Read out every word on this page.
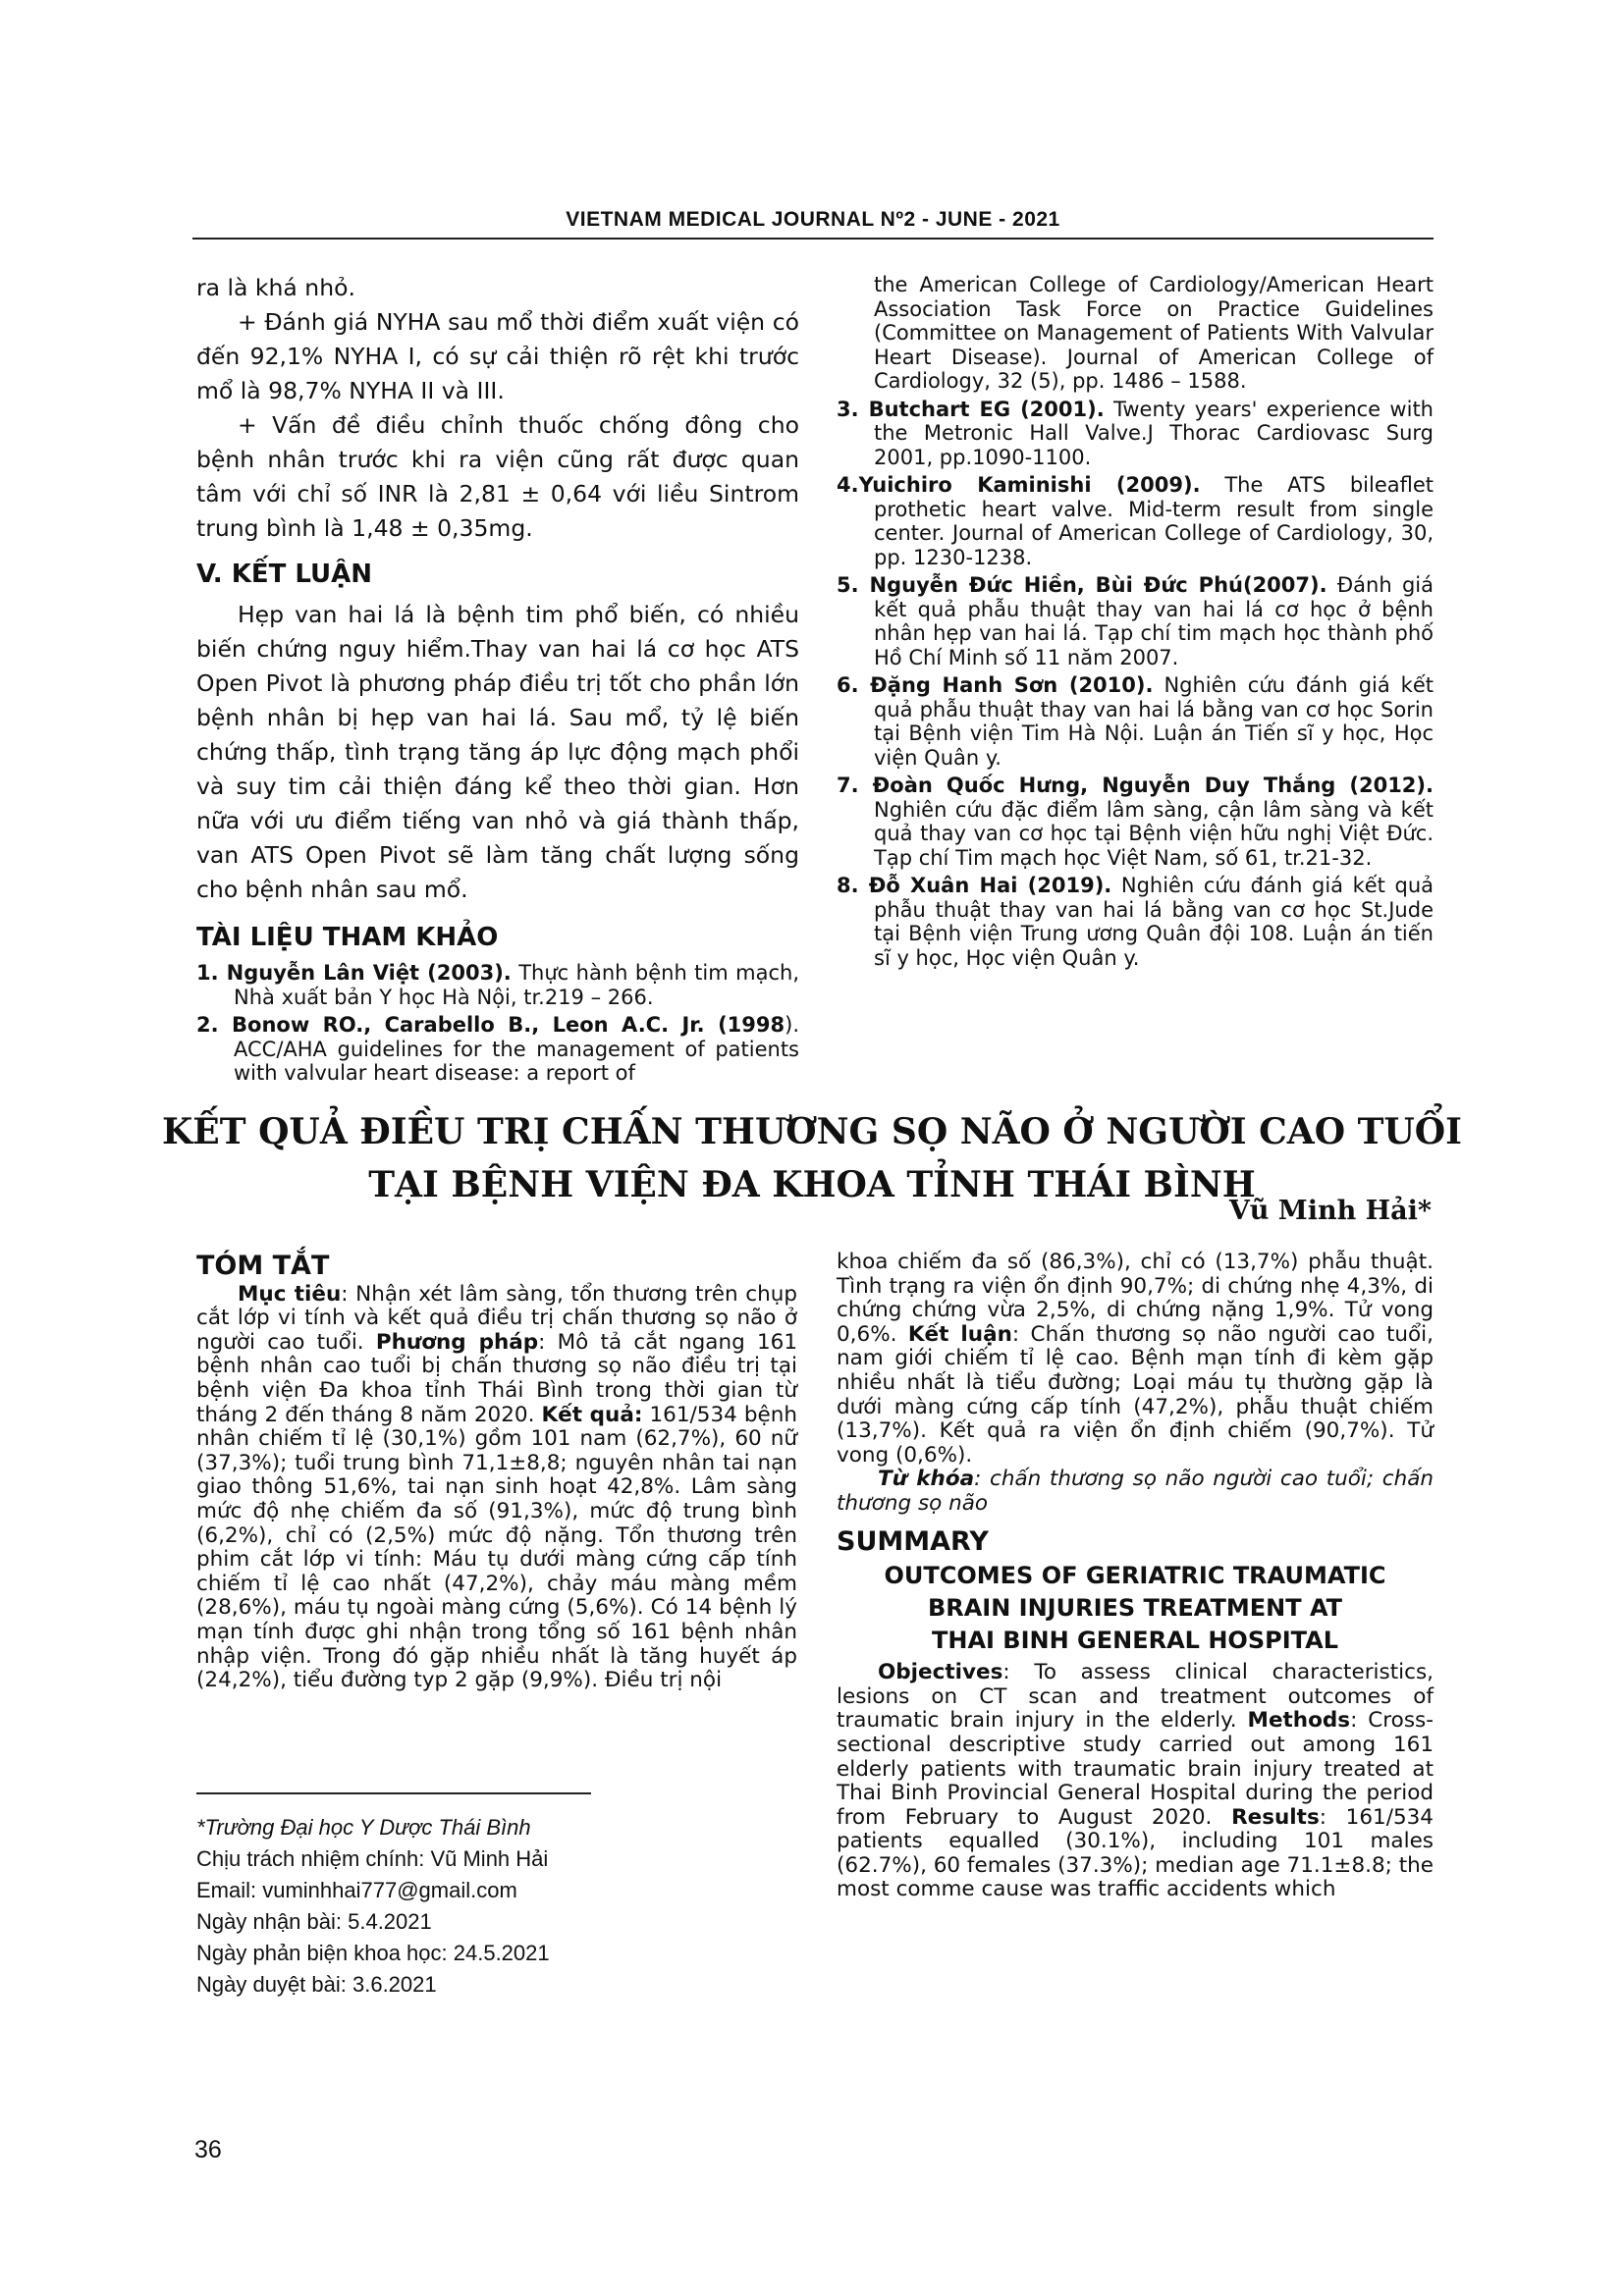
VIETNAM MEDICAL JOURNAL Nº2 - JUNE - 2021

ra là khá nhỏ.

+ Đánh giá NYHA sau mổ thời điểm xuất viện có đến 92,1% NYHA I, có sự cải thiện rõ rệt khi trước mổ là 98,7% NYHA II và III.

+ Vấn đề điều chỉnh thuốc chống đông cho bệnh nhân trước khi ra viện cũng rất được quan tâm với chỉ số INR là 2,81 ± 0,64 với liều Sintrom trung bình là 1,48 ± 0,35mg.

V. KẾT LUẬN

Hẹp van hai lá là bệnh tim phổ biến, có nhiều biến chứng nguy hiểm.Thay van hai lá cơ học ATS Open Pivot là phương pháp điều trị tốt cho phần lớn bệnh nhân bị hẹp van hai lá. Sau mổ, tỷ lệ biến chứng thấp, tình trạng tăng áp lực động mạch phổi và suy tim cải thiện đáng kể theo thời gian. Hơn nữa với ưu điểm tiếng van nhỏ và giá thành thấp, van ATS Open Pivot sẽ làm tăng chất lượng sống cho bệnh nhân sau mổ.

TÀI LIỆU THAM KHẢO
1. Nguyễn Lân Việt (2003). Thực hành bệnh tim mạch, Nhà xuất bản Y học Hà Nội, tr.219 – 266.
2. Bonow RO., Carabello B., Leon A.C. Jr. (1998). ACC/AHA guidelines for the management of patients with valvular heart disease: a report of
the American College of Cardiology/American Heart Association Task Force on Practice Guidelines (Committee on Management of Patients With Valvular Heart Disease). Journal of American College of Cardiology, 32 (5), pp. 1486 – 1588.
3. Butchart EG (2001). Twenty years' experience with the Metronic Hall Valve.J Thorac Cardiovasc Surg 2001, pp.1090-1100.
4.Yuichiro Kaminishi (2009). The ATS bileaflet prothetic heart valve. Mid-term result from single center. Journal of American College of Cardiology, 30, pp. 1230-1238.
5. Nguyễn Đức Hiền, Bùi Đức Phú(2007). Đánh giá kết quả phẫu thuật thay van hai lá cơ học ở bệnh nhân hẹp van hai lá. Tạp chí tim mạch học thành phố Hồ Chí Minh số 11 năm 2007.
6. Đặng Hanh Sơn (2010). Nghiên cứu đánh giá kết quả phẫu thuật thay van hai lá bằng van cơ học Sorin tại Bệnh viện Tim Hà Nội. Luận án Tiến sĩ y học, Học viện Quân y.
7. Đoàn Quốc Hưng, Nguyễn Duy Thắng (2012). Nghiên cứu đặc điểm lâm sàng, cận lâm sàng và kết quả thay van cơ học tại Bệnh viện hữu nghị Việt Đức. Tạp chí Tim mạch học Việt Nam, số 61, tr.21-32.
8. Đỗ Xuân Hai (2019). Nghiên cứu đánh giá kết quả phẫu thuật thay van hai lá bằng van cơ học St.Jude tại Bệnh viện Trung ương Quân đội 108. Luận án tiến sĩ y học, Học viện Quân y.
KẾT QUẢ ĐIỀU TRỊ CHẤN THƯƠNG SỌ NÃO Ở NGƯỜI CAO TUỔI
TẠI BỆNH VIỆN ĐA KHOA TỈNH THÁI BÌNH
Vũ Minh Hải*
TÓM TẮT

Mục tiêu: Nhận xét lâm sàng, tổn thương trên chụp cắt lớp vi tính và kết quả điều trị chấn thương sọ não ở người cao tuổi. Phương pháp: Mô tả cắt ngang 161 bệnh nhân cao tuổi bị chấn thương sọ não điều trị tại bệnh viện Đa khoa tỉnh Thái Bình trong thời gian từ tháng 2 đến tháng 8 năm 2020. Kết quả: 161/534 bệnh nhân chiếm tỉ lệ (30,1%) gồm 101 nam (62,7%), 60 nữ (37,3%); tuổi trung bình 71,1±8,8; nguyên nhân tai nạn giao thông 51,6%, tai nạn sinh hoạt 42,8%. Lâm sàng mức độ nhẹ chiếm đa số (91,3%), mức độ trung bình (6,2%), chỉ có (2,5%) mức độ nặng. Tổn thương trên phim cắt lớp vi tính: Máu tụ dưới màng cứng cấp tính chiếm tỉ lệ cao nhất (47,2%), chảy máu màng mềm (28,6%), máu tụ ngoài màng cứng (5,6%). Có 14 bệnh lý mạn tính được ghi nhận trong tổng số 161 bệnh nhân nhập viện. Trong đó gặp nhiều nhất là tăng huyết áp (24,2%), tiểu đường typ 2 gặp (9,9%). Điều trị nội

khoa chiếm đa số (86,3%), chỉ có (13,7%) phẫu thuật. Tình trạng ra viện ổn định 90,7%; di chứng nhẹ 4,3%, di chứng chứng vừa 2,5%, di chứng nặng 1,9%. Tử vong 0,6%. Kết luận: Chấn thương sọ não người cao tuổi, nam giới chiếm tỉ lệ cao. Bệnh mạn tính đi kèm gặp nhiều nhất là tiểu đường; Loại máu tụ thường gặp là dưới màng cứng cấp tính (47,2%), phẫu thuật chiếm (13,7%). Kết quả ra viện ổn định chiếm (90,7%). Tử vong (0,6%).

Từ khóa: chấn thương sọ não người cao tuổi; chấn thương sọ não

SUMMARY
OUTCOMES OF GERIATRIC TRAUMATIC
BRAIN INJURIES TREATMENT AT
THAI BINH GENERAL HOSPITAL

Objectives: To assess clinical characteristics, lesions on CT scan and treatment outcomes of traumatic brain injury in the elderly. Methods: Cross-sectional descriptive study carried out among 161 elderly patients with traumatic brain injury treated at Thai Binh Provincial General Hospital during the period from February to August 2020. Results: 161/534 patients equalled (30.1%), including 101 males (62.7%), 60 females (37.3%); median age 71.1±8.8; the most comme cause was traffic accidents which

*Trường Đại học Y Dược Thái Bình
Chịu trách nhiệm chính: Vũ Minh Hải
Email: vuminhhai777@gmail.com
Ngày nhận bài: 5.4.2021
Ngày phản biện khoa học: 24.5.2021
Ngày duyệt bài: 3.6.2021
36
